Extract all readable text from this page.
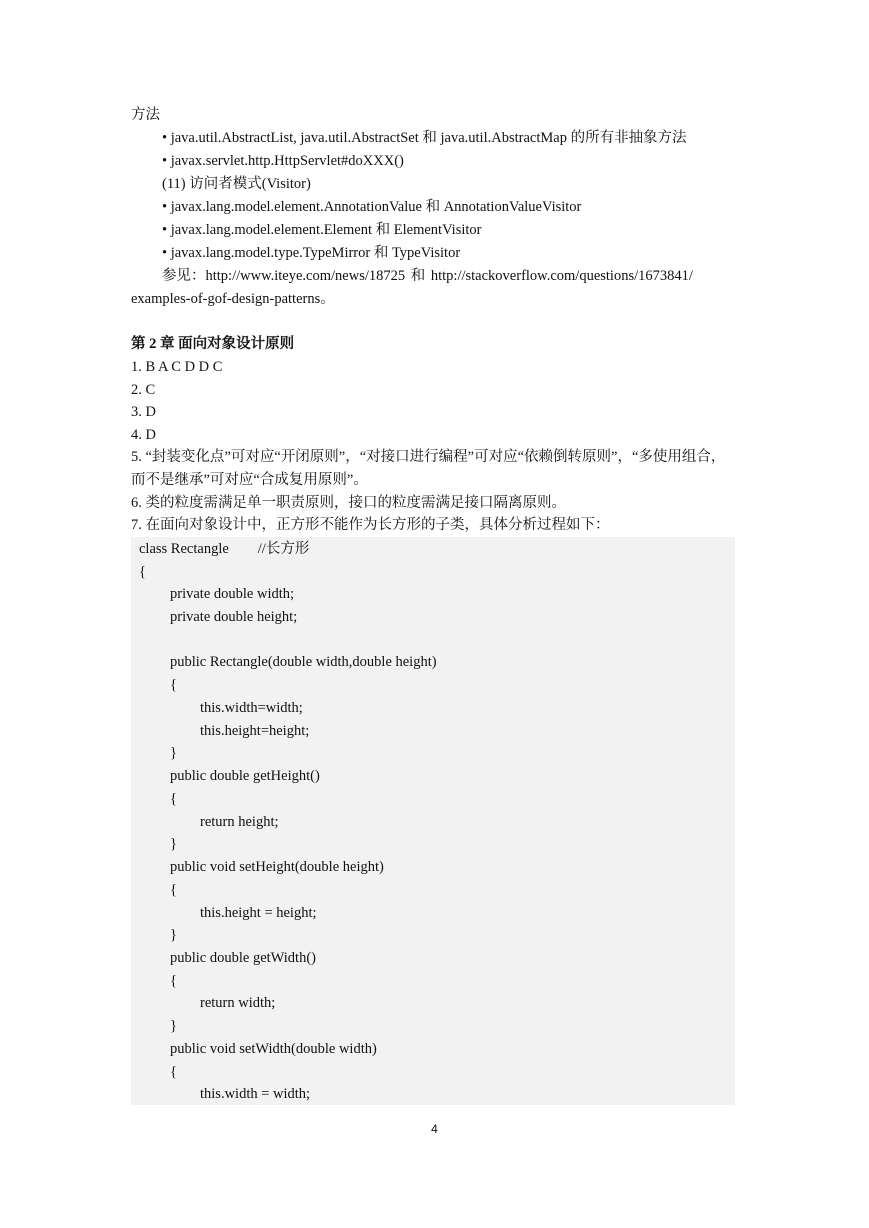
方法
• java.util.AbstractList, java.util.AbstractSet 和 java.util.AbstractMap 的所有非抽象方法
• javax.servlet.http.HttpServlet#doXXX()
(11) 访问者模式(Visitor)
• javax.lang.model.element.AnnotationValue 和 AnnotationValueVisitor
• javax.lang.model.element.Element 和 ElementVisitor
• javax.lang.model.type.TypeMirror 和 TypeVisitor
参见：http://www.iteye.com/news/18725 和 http://stackoverflow.com/questions/1673841/
examples-of-gof-design-patterns。
第 2 章 面向对象设计原则
1. B A C D D C
2. C
3. D
4. D
5. “封装变化点”可对应“开闭原则”，“对接口进行编程”可对应“依赖倒转原则”，“多使用组合，
而不是继承”可对应“合成复用原则”。
6. 类的粒度需满足单一职责原则，接口的粒度需满足接口隔离原则。
7. 在面向对象设计中，正方形不能作为长方形的子类，具体分析过程如下：
class Rectangle        //长方形
{
private double width;
private double height;
public Rectangle(double width,double height)
{
this.width=width;
this.height=height;
}
public double getHeight()
{
return height;
}
public void setHeight(double height)
{
this.height = height;
}
public double getWidth()
{
return width;
}
public void setWidth(double width)
{
this.width = width;
4
